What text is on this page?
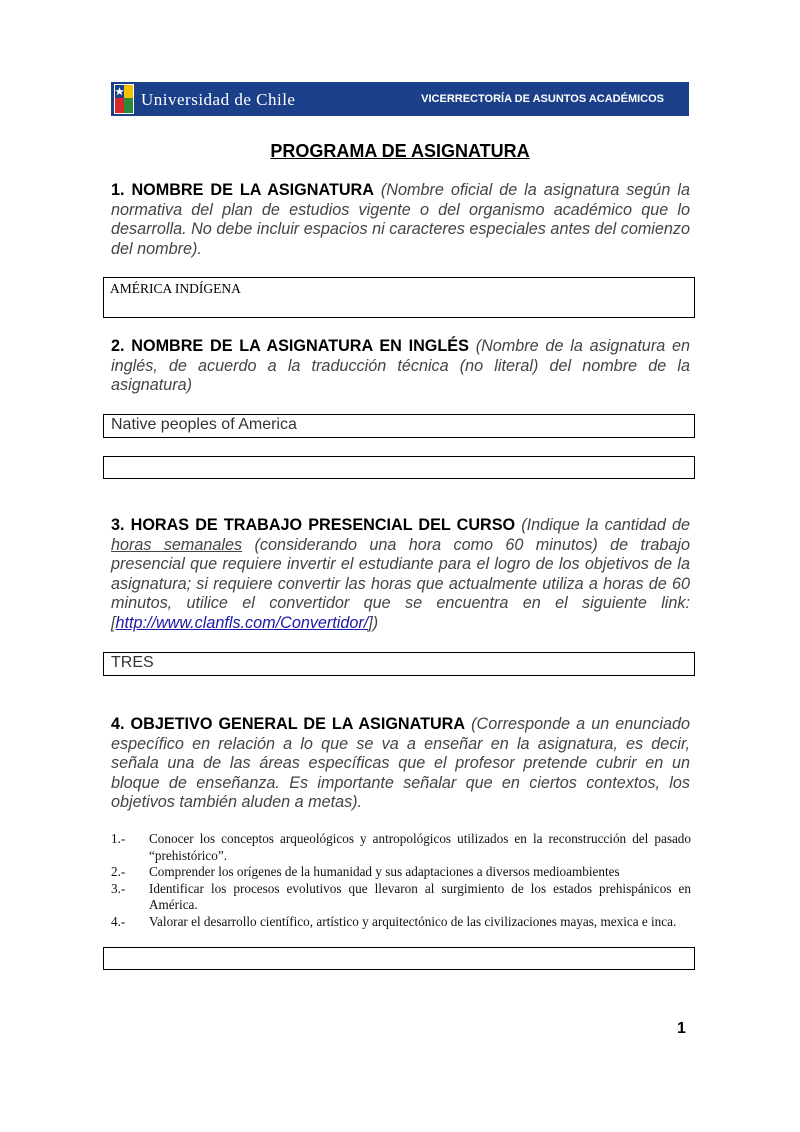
Universidad de Chile	VICERRECTORÍA DE ASUNTOS ACADÉMICOS
PROGRAMA DE ASIGNATURA
1. NOMBRE DE LA ASIGNATURA (Nombre oficial de la asignatura según la normativa del plan de estudios vigente o del organismo académico que lo desarrolla. No debe incluir espacios ni caracteres especiales antes del comienzo del nombre).
AMÉRICA INDÍGENA
2. NOMBRE DE LA ASIGNATURA EN INGLÉS (Nombre de la asignatura en inglés, de acuerdo a la traducción técnica (no literal) del nombre de la asignatura)
Native peoples of America
3. HORAS DE TRABAJO PRESENCIAL DEL CURSO (Indique la cantidad de horas semanales (considerando una hora como 60 minutos) de trabajo presencial que requiere invertir el estudiante para el logro de los objetivos de la asignatura; si requiere convertir las horas que actualmente utiliza a horas de 60 minutos, utilice el convertidor que se encuentra en el siguiente link: [http://www.clanfls.com/Convertidor/])
TRES
4. OBJETIVO GENERAL DE LA ASIGNATURA (Corresponde a un enunciado específico en relación a lo que se va a enseñar en la asignatura, es decir, señala una de las áreas específicas que el profesor pretende cubrir en un bloque de enseñanza. Es importante señalar que en ciertos contextos, los objetivos también aluden a metas).
1.- Conocer los conceptos arqueológicos y antropológicos utilizados en la reconstrucción del pasado “prehistórico”.
2.- Comprender los orígenes de la humanidad y sus adaptaciones a diversos medioambientes
3.- Identificar los procesos evolutivos que llevaron al surgimiento de los estados prehispánicos en América.
4.- Valorar el desarrollo científico, artístico y arquitectónico de las civilizaciones mayas, mexica e inca.
1
